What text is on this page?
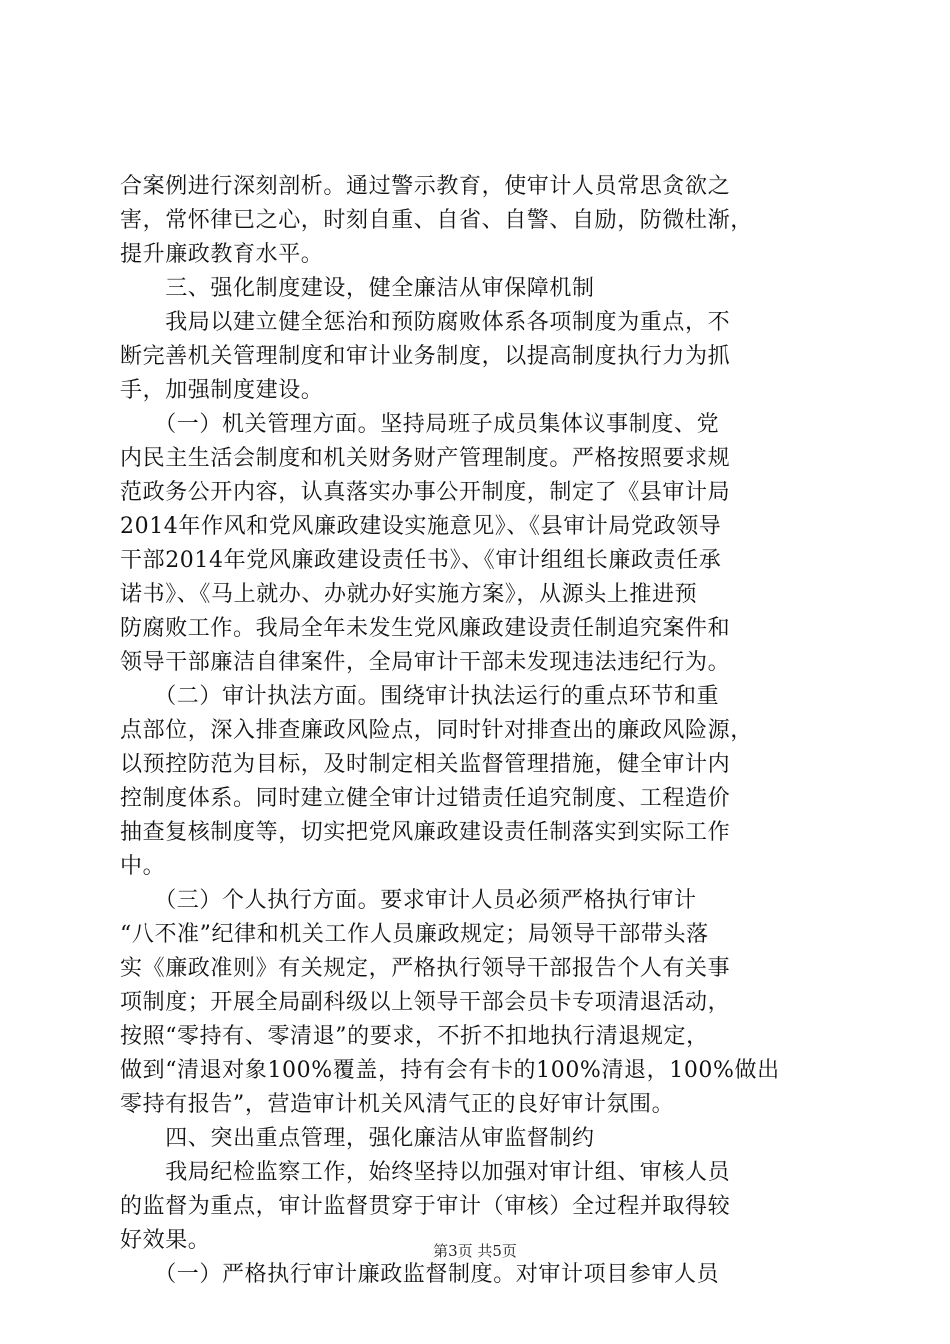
合案例进行深刻剖析。通过警示教育，使审计人员常思贪欲之

害，常怀律已之心，时刻自重、自省、自警、自励，防微杜渐，

提升廉政教育水平。

　　三、强化制度建设，健全廉洁从审保障机制

　　我局以建立健全惩治和预防腐败体系各项制度为重点，不

断完善机关管理制度和审计业务制度，以提高制度执行力为抓

手，加强制度建设。

　　（一）机关管理方面。坚持局班子成员集体议事制度、党

内民主生活会制度和机关财务财产管理制度。严格按照要求规

范政务公开内容，认真落实办事公开制度，制定了《县审计局

2014年作风和党风廉政建设实施意见》、《县审计局党政领导

干部2014年党风廉政建设责任书》、《审计组组长廉政责任承

诺书》、《马上就办、办就办好实施方案》，从源头上推进预

防腐败工作。我局全年未发生党风廉政建设责任制追究案件和

领导干部廉洁自律案件，全局审计干部未发现违法违纪行为。

　　（二）审计执法方面。围绕审计执法运行的重点环节和重

点部位，深入排查廉政风险点，同时针对排查出的廉政风险源，

以预控防范为目标，及时制定相关监督管理措施，健全审计内

控制度体系。同时建立健全审计过错责任追究制度、工程造价

抽查复核制度等，切实把党风廉政建设责任制落实到实际工作

中。

　　（三）个人执行方面。要求审计人员必须严格执行审计

“八不准”纪律和机关工作人员廉政规定；局领导干部带头落

实《廉政准则》有关规定，严格执行领导干部报告个人有关事

项制度；开展全局副科级以上领导干部会员卡专项清退活动，

按照“零持有、零清退”的要求，不折不扣地执行清退规定，

做到“清退对象100%覆盖，持有会有卡的100%清退，100%做出

零持有报告”，营造审计机关风清气正的良好审计氛围。

　　四、突出重点管理，强化廉洁从审监督制约

　　我局纪检监察工作，始终坚持以加强对审计组、审核人员

的监督为重点，审计监督贯穿于审计（审核）全过程并取得较

好效果。

　　（一）严格执行审计廉政监督制度。对审计项目参审人员

第3页 共5页
